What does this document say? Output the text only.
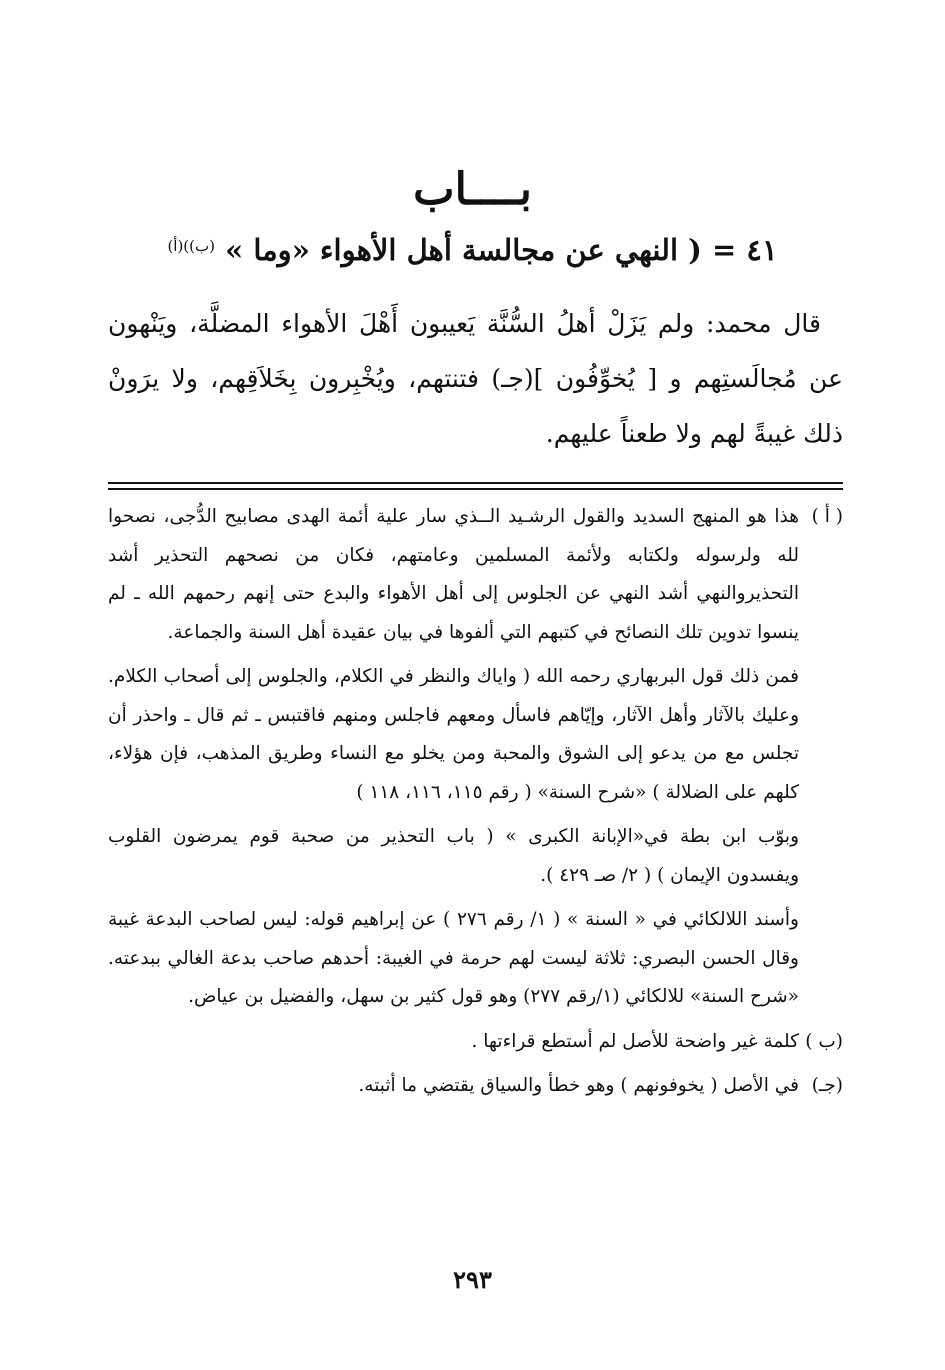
بــــاب
٤١ = ( النهي عن مجالسة أهل الأهواء «وما » $^{(ب))(أ)}$

قال محمد: ولم يَزَلْ أهلُ السُّنَّة يَعيبون أَهْلَ الأهواء المضلَّة، ويَنْهون عن مُجالَستِهم و [ يُخوِّفُون ](جـ) فتنتهم، ويُخْبِرون بِخَلاَقِهم، ولا يرَونْ ذلك غيبةً لهم ولا طعناً عليهم.

( أ )

هذا هو المنهج السديد والقول الرشـيد الــذي سار علية أئمة الهدى مصابيح الدُّجى، نصحوا لله ولرسوله ولكتابه ولأئمة المسلمين وعامتهم، فكان من نصحهم التحذير أشد التحذيروالنهي أشد النهي عن الجلوس إلى أهل الأهواء والبدع حتى إنهم رحمهم الله ـ لم ينسوا تدوين تلك النصائح في كتبهم التي ألفوها في بيان عقيدة أهل السنة والجماعة.

فمن ذلك قول البربهاري رحمه الله ( واياك والنظر في الكلام، والجلوس إلى أصحاب الكلام. وعليك بالآثار وأهل الآثار، وإيّاهم فاسأل ومعهم فاجلس ومنهم فاقتبس ـ ثم قال ـ واحذر أن تجلس مع من يدعو إلى الشوق والمحبة ومن يخلو مع النساء وطريق المذهب، فإن هؤلاء، كلهم على الضلالة ) «شرح السنة» ( رقم ١١٥، ١١٦، ١١٨ )

وبوّب ابن بطة في«الإبانة الكبرى » ( باب التحذير من صحبة قوم يمرضون القلوب ويفسدون الإيمان ) ( ٢/ صـ ٤٢٩ ).

وأسند اللالكائي في « السنة » ( ١/ رقم ٢٧٦ ) عن إبراهيم قوله: ليس لصاحب البدعة غيبة وقال الحسن البصري: ثلاثة ليست لهم حرمة في الغيبة: أحدهم صاحب بدعة الغالي ببدعته. «شرح السنة» للالكائي (١/رقم ٢٧٧) وهو قول كثير بن سهل، والفضيل بن عياض.

(ب )

كلمة غير واضحة للأصل لم أستطع قراءتها .

(جـ)

في الأصل ( يخوفونهم ) وهو خطأ والسياق يقتضي ما أثبته.

٢٩٣
